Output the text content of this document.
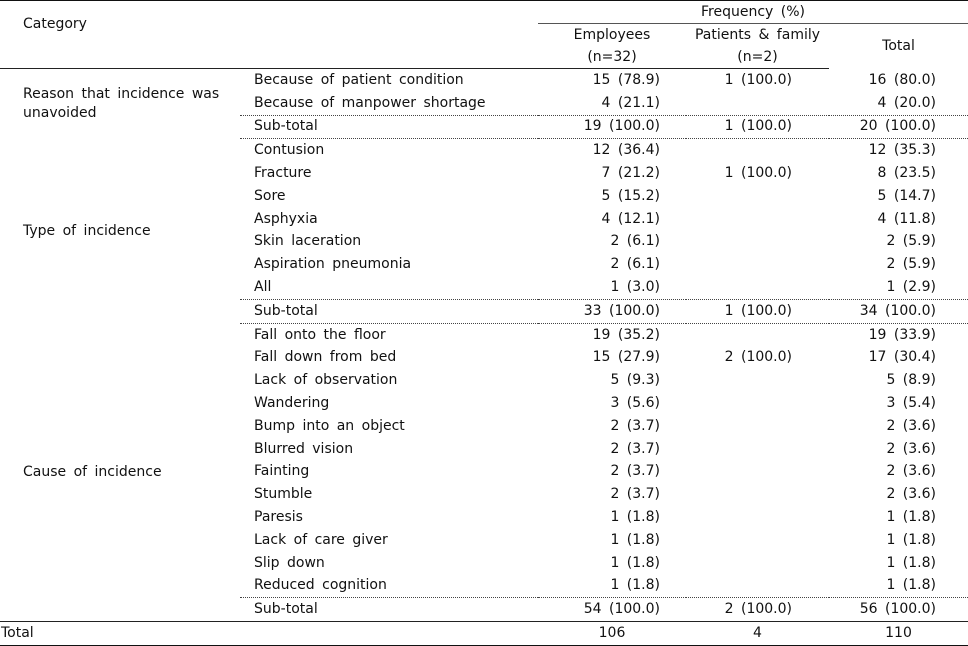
Category		Frequency (%)		
		Employees	Patients & family	Total
		(n=32)	(n=2)	
Reason that incidence was unavoided	Because of patient condition	15 (78.9)	1 (100.0)	16 (80.0)
	Because of manpower shortage	4 (21.1)		4 (20.0)
	Sub-total	19 (100.0)	1 (100.0)	20 (100.0)
Type of incidence	Contusion	12 (36.4)		12 (35.3)
	Fracture	7 (21.2)	1 (100.0)	8 (23.5)
	Sore	5 (15.2)		5 (14.7)
	Asphyxia	4 (12.1)		4 (11.8)
	Skin laceration	2 (6.1)		2 (5.9)
	Aspiration pneumonia	2 (6.1)		2 (5.9)
	All	1 (3.0)		1 (2.9)
	Sub-total	33 (100.0)	1 (100.0)	34 (100.0)
Cause of incidence	Fall onto the floor	19 (35.2)		19 (33.9)
	Fall down from bed	15 (27.9)	2 (100.0)	17 (30.4)
	Lack of observation	5 (9.3)		5 (8.9)
	Wandering	3 (5.6)		3 (5.4)
	Bump into an object	2 (3.7)		2 (3.6)
	Blurred vision	2 (3.7)		2 (3.6)
	Fainting	2 (3.7)		2 (3.6)
	Stumble	2 (3.7)		2 (3.6)
	Paresis	1 (1.8)		1 (1.8)
	Lack of care giver	1 (1.8)		1 (1.8)
	Slip down	1 (1.8)		1 (1.8)
	Reduced cognition	1 (1.8)		1 (1.8)
	Sub-total	54 (100.0)	2 (100.0)	56 (100.0)
Total		106	4	110
